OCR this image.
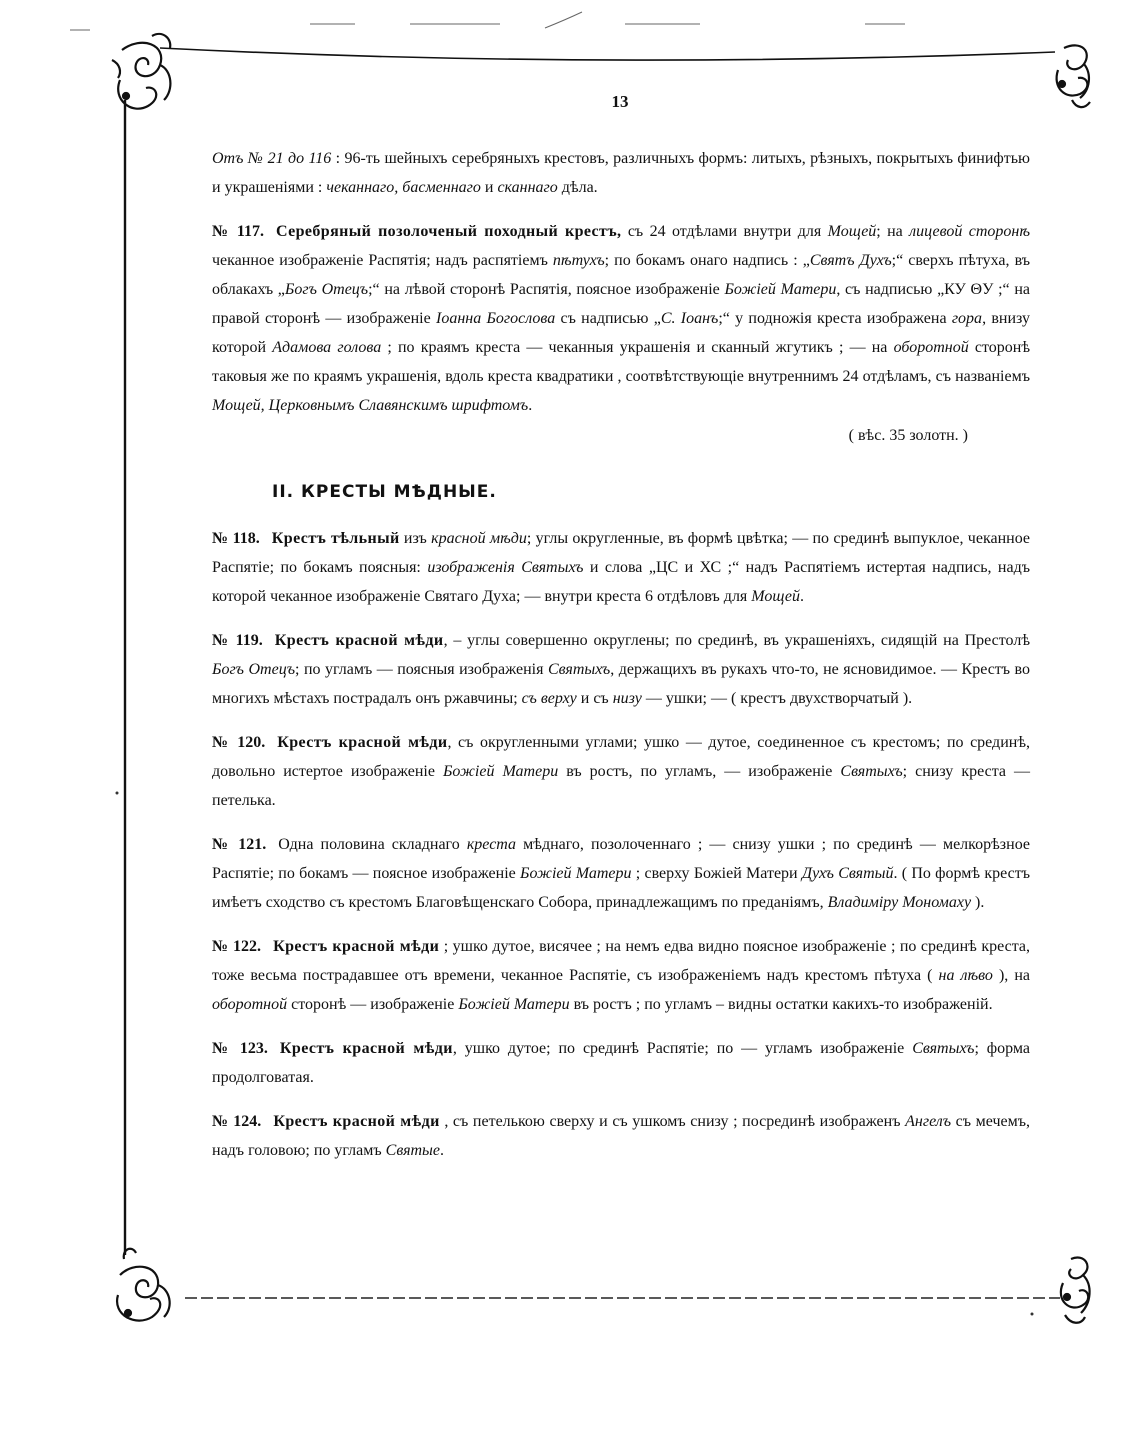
13

Отъ № 21 до 116 : 96-ть шейныхъ серебряныхъ крестовъ, различныхъ формъ: литыхъ, рѣзныхъ, покрытыхъ финифтью и украшеніями : чеканнаго, басменнаго и сканнаго дѣла.

№ 117. Серебряный позолоченый походный крестъ, съ 24 отдѣлами внутри для Мощей; на лицевой сторонѣ чеканное изображеніе Распятія; надъ распятіемъ пѣтухъ; по бокамъ онаго надпись : „Святъ Духъ;“ сверхъ пѣтуха, въ облакахъ „Богъ Отецъ;“ на лѣвой сторонѣ Распятія, поясное изображеніе Божіей Матери, съ надписью „КУ ΘУ ;“ на правой сторонѣ — изображеніе Іоанна Богослова съ надписью „С. Іоанъ;“ у подножія креста изображена гора, внизу которой Адамова голова ; по краямъ креста — чеканныя украшенія и сканный жгутикъ ; — на оборотной сторонѣ таковыя же по краямъ украшенія, вдоль креста квадратики , соотвѣтствующіе внутреннимъ 24 отдѣламъ, съ названіемъ Мощей, Церковнымъ Славянскимъ шрифтомъ.

( вѣс. 35 золотн. )
II. КРЕСТЫ МѢДНЫЕ.

№ 118. Крестъ тѣльный изъ красной мѣди; углы округленные, въ формѣ цвѣтка; — по срединѣ выпуклое, чеканное Распятіе; по бокамъ поясныя: изображенія Святыхъ и слова „ЦС и ХС ;“ надъ Распятіемъ истертая надпись, надъ которой чеканное изображеніе Святаго Духа; — внутри креста 6 отдѣловъ для Мощей.

№ 119. Крестъ красной мѣди, – углы совершенно округлены; по срединѣ, въ украшеніяхъ, сидящій на Престолѣ Богъ Отецъ; по угламъ — поясныя изображенія Святыхъ, держащихъ въ рукахъ что-то, не ясновидимое. — Крестъ во многихъ мѣстахъ пострадалъ онъ ржавчины; съ верху и съ низу — ушки; — ( крестъ двухстворчатый ).

№ 120. Крестъ красной мѣди, съ округленными углами; ушко — дутое, соединенное съ крестомъ; по срединѣ, довольно истертое изображеніе Божіей Матери въ ростъ, по угламъ, — изображеніе Святыхъ; снизу креста — петелька.

№ 121. Одна половина складнаго креста мѣднаго, позолоченнаго ; — снизу ушки ; по срединѣ — мелкорѣзное Распятіе; по бокамъ — поясное изображеніе Божіей Матери ; сверху Божіей Матери Духъ Святый. ( По формѣ крестъ имѣетъ сходство съ крестомъ Благовѣщенскаго Собора, принадлежащимъ по преданіямъ, Владиміру Мономаху ).

№ 122. Крестъ красной мѣди ; ушко дутое, висячее ; на немъ едва видно поясное изображеніе ; по срединѣ креста, тоже весьма пострадавшее отъ времени, чеканное Распятіе, съ изображеніемъ надъ крестомъ пѣтуха ( на лѣво ), на оборотной сторонѣ — изображеніе Божіей Матери въ ростъ ; по угламъ – видны остатки какихъ-то изображеній.

№ 123. Крестъ красной мѣди, ушко дутое; по срединѣ Распятіе; по — угламъ изображеніе Святыхъ; форма продолговатая.

№ 124. Крестъ красной мѣди , съ петелькою сверху и съ ушкомъ снизу ; посрединѣ изображенъ Ангелъ съ мечемъ, надъ головою; по угламъ Святые.
